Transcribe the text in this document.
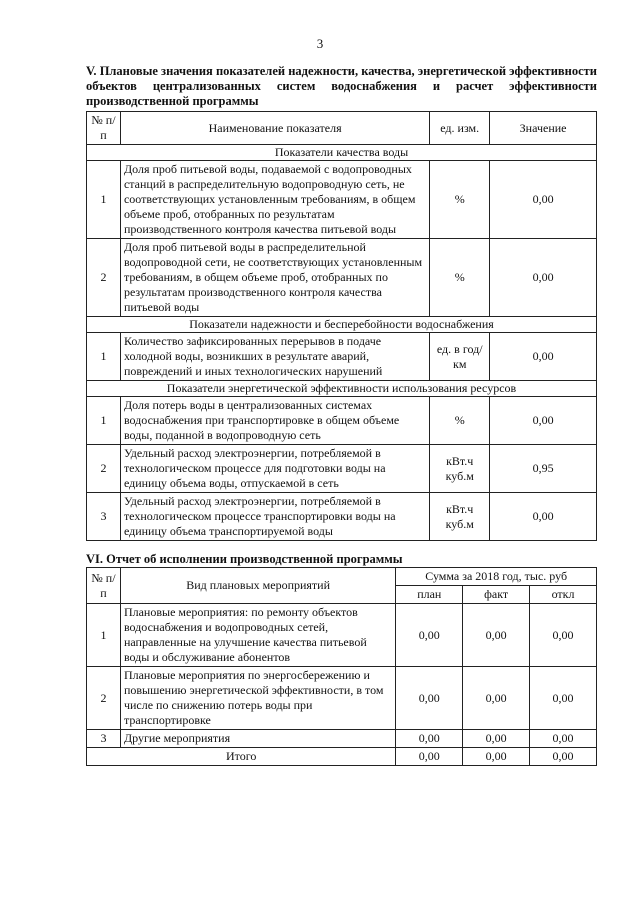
3
V. Плановые значения показателей надежности, качества, энергетической эффективности объектов централизованных систем водоснабжения и расчет эффективности производственной программы
№ п/п	Наименование показателя	ед. изм.	Значение
Показатели качества воды			
1	Доля проб питьевой воды, подаваемой с водопроводных станций в распределительную водопроводную сеть, не соответствующих установленным требованиям, в общем объеме проб, отобранных по результатам производственного контроля качества питьевой воды	%	0,00
2	Доля проб питьевой воды в распределительной водопроводной сети, не соответствующих установленным требованиям, в общем объеме проб, отобранных по результатам производственного контроля качества питьевой воды	%	0,00
Показатели надежности и бесперебойности водоснабжения			
1	Количество зафиксированных перерывов в подаче холодной воды, возникших в результате аварий, повреждений и иных технологических нарушений	ед. в год/ км	0,00
Показатели энергетической эффективности использования ресурсов			
1	Доля потерь воды в централизованных системах водоснабжения при транспортировке в общем объеме воды, поданной в водопроводную сеть	%	0,00
2	Удельный расход электроэнергии, потребляемой в технологическом процессе для подготовки воды на единицу объема воды, отпускаемой в сеть	кВт.ч куб.м	0,95
3	Удельный расход электроэнергии, потребляемой в технологическом процессе транспортировки воды на единицу объема транспортируемой воды	кВт.ч куб.м	0,00
VI. Отчет об исполнении производственной программы
№ п/п	Вид плановых мероприятий	Сумма за 2018 год, тыс. руб		
		план	факт	откл
1	Плановые мероприятия: по ремонту объектов водоснабжения и водопроводных сетей, направленные на улучшение качества питьевой воды и обслуживание абонентов	0,00	0,00	0,00
2	Плановые мероприятия по энергосбережению и повышению энергетической эффективности, в том числе по снижению потерь воды при транспортировке	0,00	0,00	0,00
3	Другие мероприятия	0,00	0,00	0,00
Итого		0,00	0,00	0,00
